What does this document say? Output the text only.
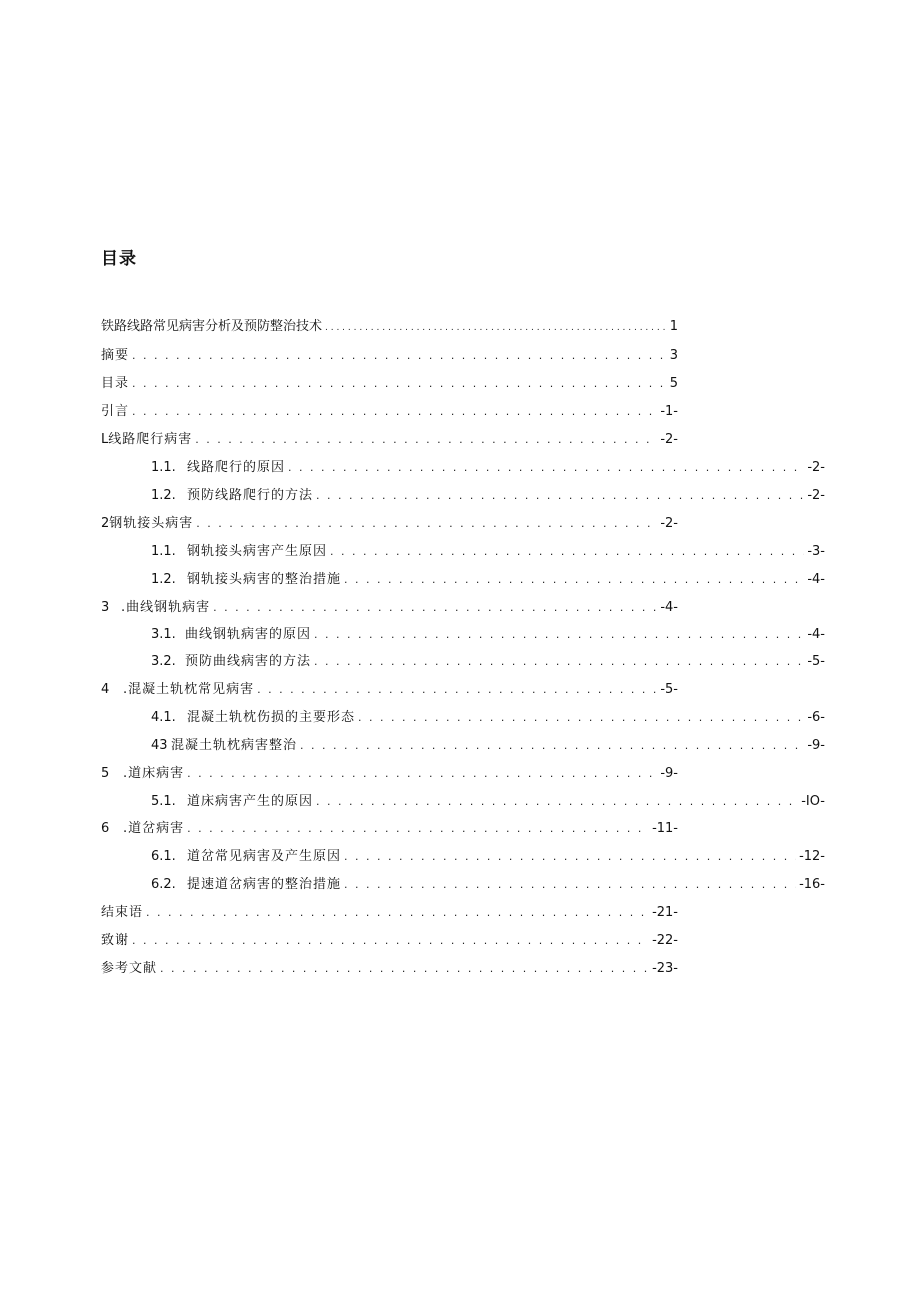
目录
铁路线路常见病害分析及预防整治技术 . . .	1
摘要 . . .	3
目录 . . .	5
引言 . . .	-1-
L 线路爬行病害 . . .	-2-
1.1. 线路爬行的原因 . . .	-2-
1.2. 预防线路爬行的方法 . . .	-2-
2 钢轨接头病害 . . .	-2-
1.1. 钢轨接头病害产生原因 . . .	-3-
1.2. 钢轨接头病害的整治措施 . . .	-4-
3 .曲线钢轨病害 . . .	-4-
3.1. 曲线钢轨病害的原因 . . .	-4-
3.2. 预防曲线病害的方法 . . .	-5-
4	.混凝土轨枕常见病害 . . .	-5-
4.1. 混凝土轨枕伤损的主要形态 . . .	-6-
43 混凝土轨枕病害整治 . . .	-9-
5	.道床病害 . . .	-9-
5.1. 道床病害产生的原因 . . .	-IO-
6	.道岔病害 . . .	-11-
6.1. 道岔常见病害及产生原因 . . .	-12-
6.2. 提速道岔病害的整治措施 . . .	-16-
结束语 . . .	-21-
致谢 . . .	-22-
参考文献 . . .	-23-
